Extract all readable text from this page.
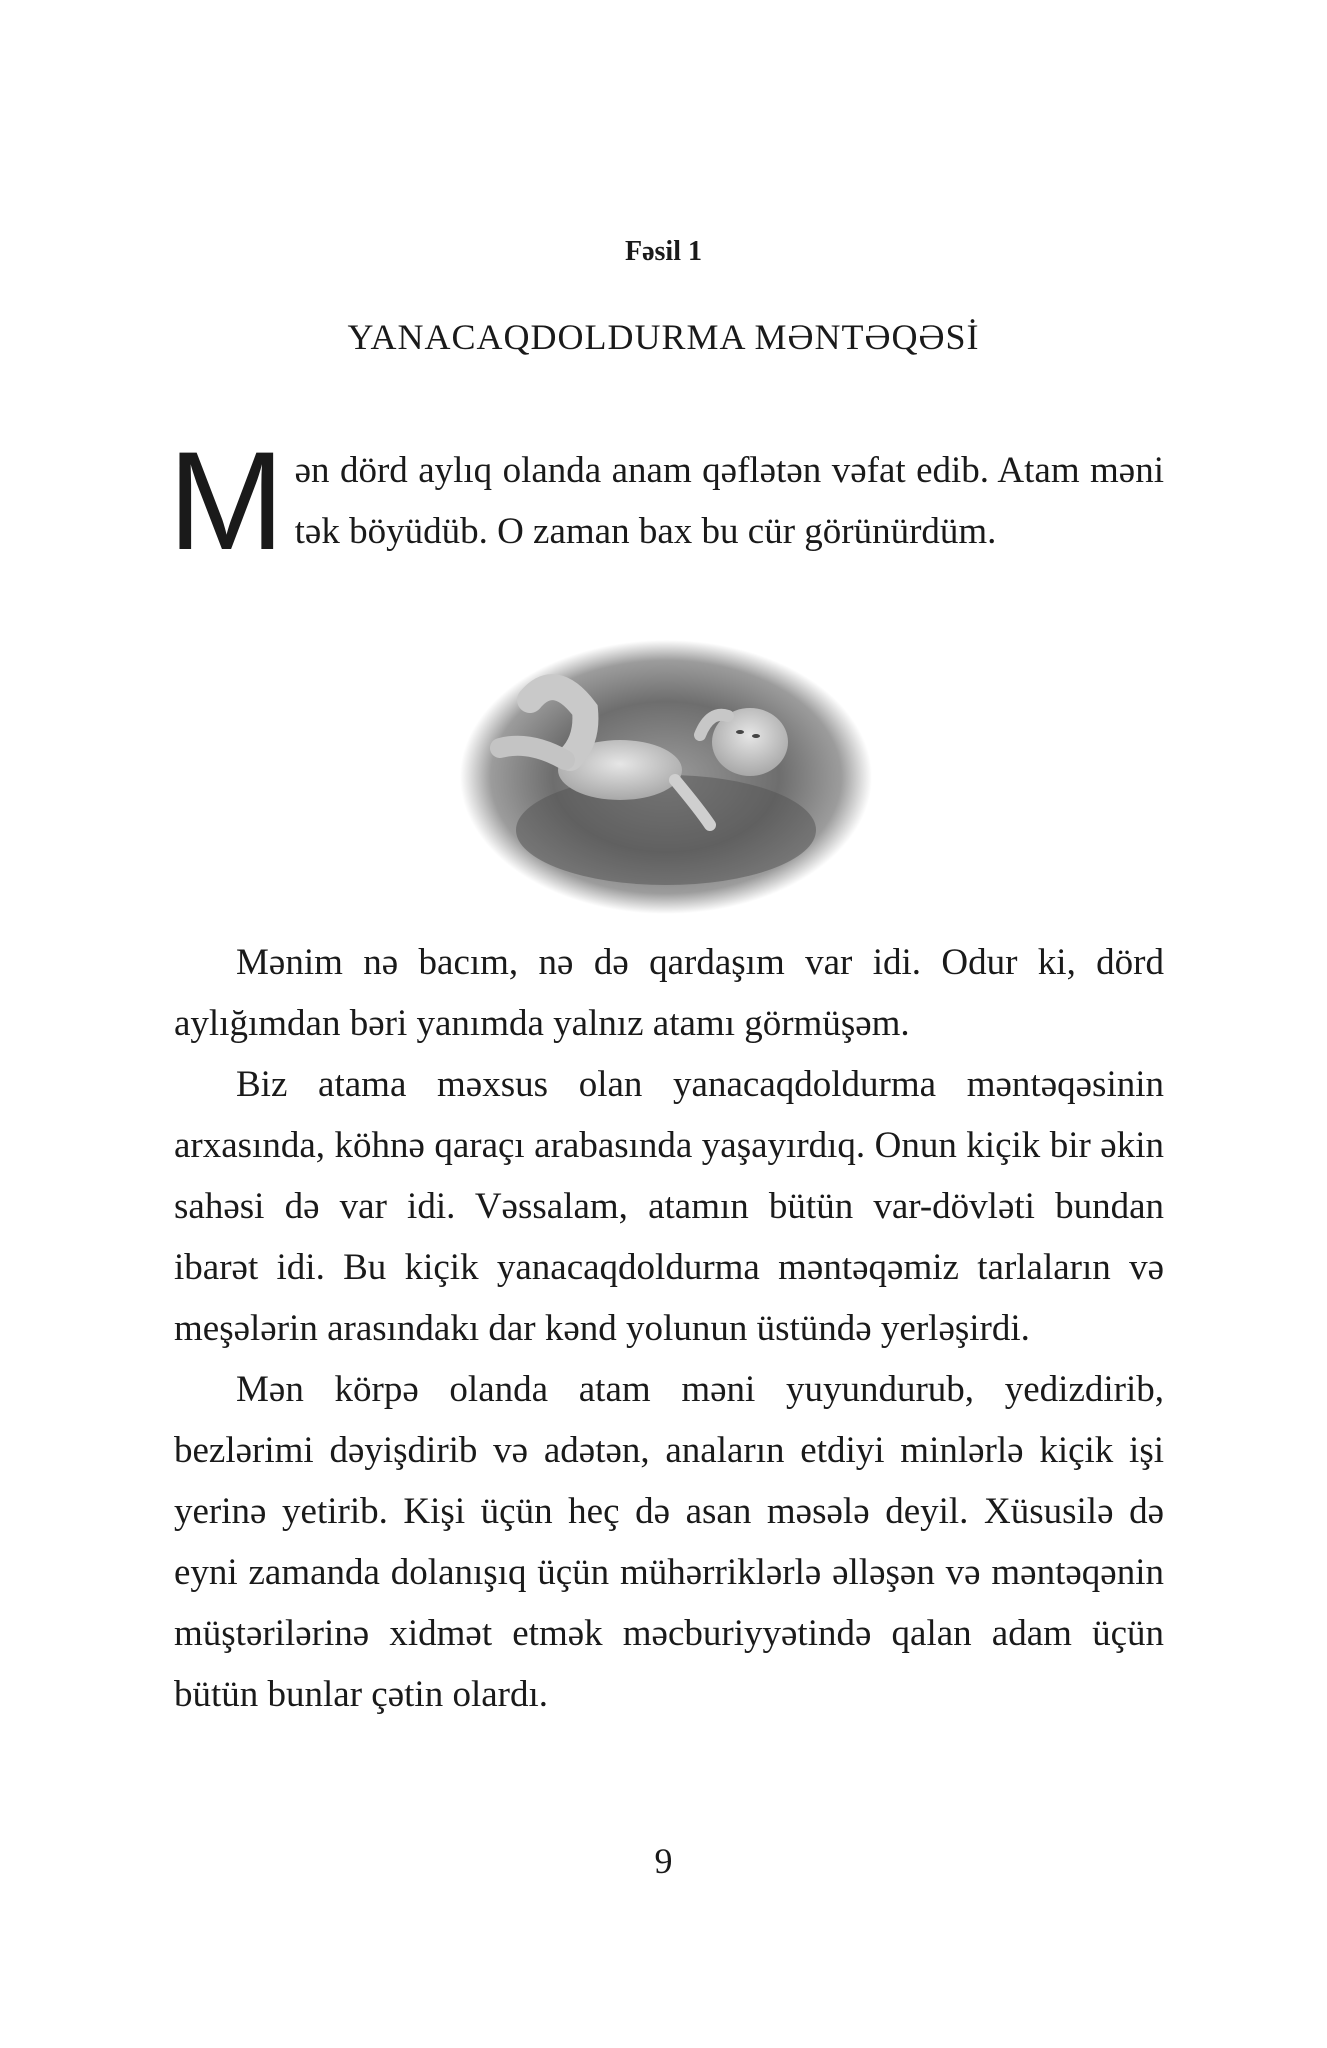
Fəsil 1
YANACAQDOLDURMA MƏNTƏQƏSİ

Mən dörd aylıq olanda anam qəflətən vəfat edib. Atam məni tək böyüdüb. O zaman bax bu cür görünürdüm.

Mənim nə bacım, nə də qardaşım var idi. Odur ki, dörd aylığımdan bəri yanımda yalnız atamı görmüşəm.

Biz atama məxsus olan yanacaqdoldurma məntəqəsinin arxasında, köhnə qaraçı arabasında yaşayırdıq. Onun kiçik bir əkin sahəsi də var idi. Vəssalam, atamın bütün var-dövləti bundan ibarət idi. Bu kiçik yanacaqdoldurma məntəqəmiz tarlaların və meşələrin arasındakı dar kənd yolunun üstündə yerləşirdi.

Mən körpə olanda atam məni yuyundurub, yedizdirib, bezlərimi dəyişdirib və adətən, anaların etdiyi minlərlə kiçik işi yerinə yetirib. Kişi üçün heç də asan məsələ deyil. Xüsusilə də eyni zamanda dolanışıq üçün mühərriklərlə əlləşən və məntəqənin müştərilərinə xidmət etmək məcburiyyətində qalan adam üçün bütün bunlar çətin olardı.

9
